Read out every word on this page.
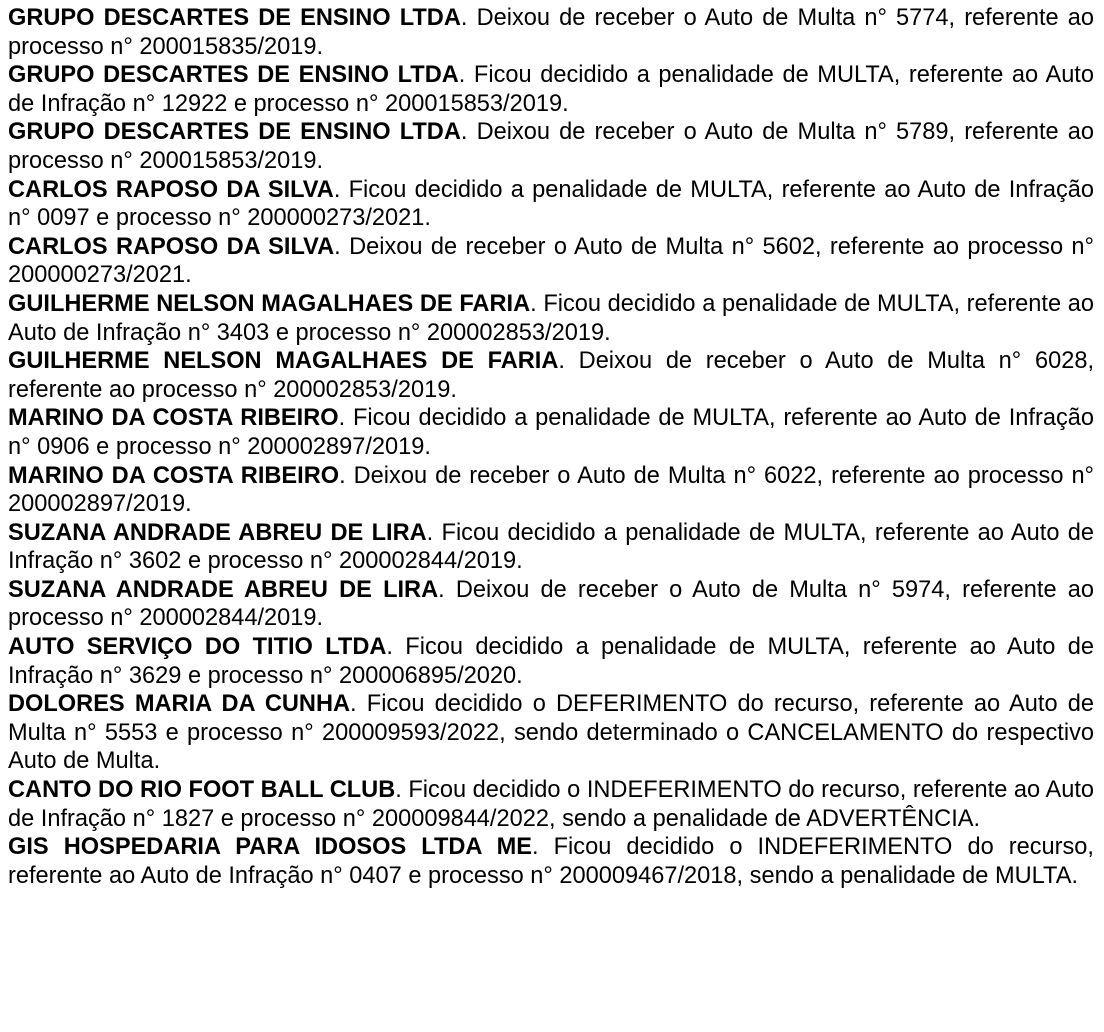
GRUPO DESCARTES DE ENSINO LTDA. Deixou de receber o Auto de Multa n° 5774, referente ao processo n° 200015835/2019.

GRUPO DESCARTES DE ENSINO LTDA. Ficou decidido a penalidade de MULTA, referente ao Auto de Infração n° 12922 e processo n° 200015853/2019.

GRUPO DESCARTES DE ENSINO LTDA. Deixou de receber o Auto de Multa n° 5789, referente ao processo n° 200015853/2019.

CARLOS RAPOSO DA SILVA. Ficou decidido a penalidade de MULTA, referente ao Auto de Infração n° 0097 e processo n° 200000273/2021.

CARLOS RAPOSO DA SILVA. Deixou de receber o Auto de Multa n° 5602, referente ao processo n° 200000273/2021.

GUILHERME NELSON MAGALHAES DE FARIA. Ficou decidido a penalidade de MULTA, referente ao Auto de Infração n° 3403 e processo n° 200002853/2019.

GUILHERME NELSON MAGALHAES DE FARIA. Deixou de receber o Auto de Multa n° 6028, referente ao processo n° 200002853/2019.

MARINO DA COSTA RIBEIRO. Ficou decidido a penalidade de MULTA, referente ao Auto de Infração n° 0906 e processo n° 200002897/2019.

MARINO DA COSTA RIBEIRO. Deixou de receber o Auto de Multa n° 6022, referente ao processo n° 200002897/2019.

SUZANA ANDRADE ABREU DE LIRA. Ficou decidido a penalidade de MULTA, referente ao Auto de Infração n° 3602 e processo n° 200002844/2019.

SUZANA ANDRADE ABREU DE LIRA. Deixou de receber o Auto de Multa n° 5974, referente ao processo n° 200002844/2019.

AUTO SERVIÇO DO TITIO LTDA. Ficou decidido a penalidade de MULTA, referente ao Auto de Infração n° 3629 e processo n° 200006895/2020.

DOLORES MARIA DA CUNHA. Ficou decidido o DEFERIMENTO do recurso, referente ao Auto de Multa n° 5553 e processo n° 200009593/2022, sendo determinado o CANCELAMENTO do respectivo Auto de Multa.

CANTO DO RIO FOOT BALL CLUB. Ficou decidido o INDEFERIMENTO do recurso, referente ao Auto de Infração n° 1827 e processo n° 200009844/2022, sendo a penalidade de ADVERTÊNCIA.

GIS HOSPEDARIA PARA IDOSOS LTDA ME. Ficou decidido o INDEFERIMENTO do recurso, referente ao Auto de Infração n° 0407 e processo n° 200009467/2018, sendo a penalidade de MULTA.
